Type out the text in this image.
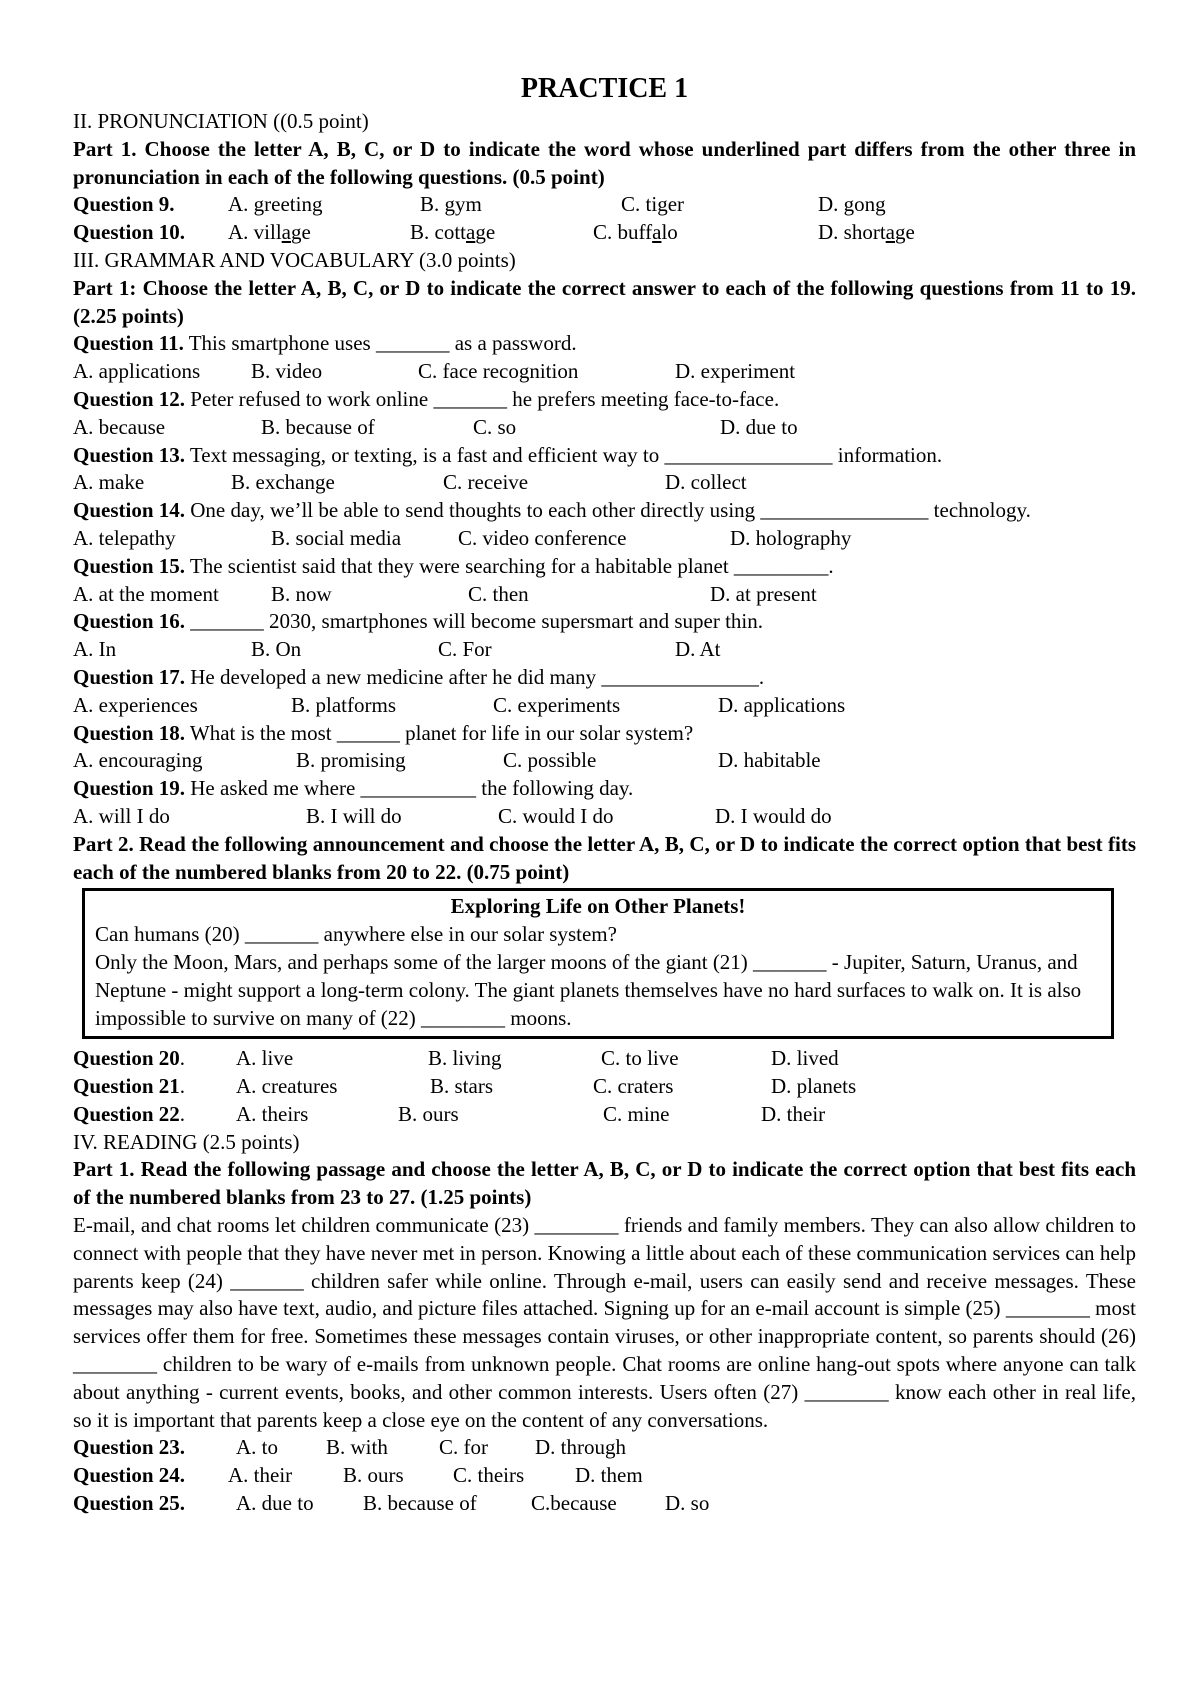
PRACTICE 1
II. PRONUNCIATION ((0.5 point)
Part 1. Choose the letter A, B, C, or D to indicate the word whose underlined part differs from the other three in pronunciation in each of the following questions. (0.5 point)
Question 9.	A. greeting	B. gym	C. tiger	D. gong
Question 10. A. village	B. cottage	C. buffalo	D. shortage
III. GRAMMAR AND VOCABULARY (3.0 points)
Part 1: Choose the letter A, B, C, or D to indicate the correct answer to each of the following questions from 11 to 19. (2.25 points)
Question 11. This smartphone uses _______ as a password.
A. applications B. video	C. face recognition	D. experiment
Question 12. Peter refused to work online _______ he prefers meeting face-to-face.
A. because	B. because of	C. so	D. due to
Question 13. Text messaging, or texting, is a fast and efficient way to ________________ information.
A. make	B. exchange	C. receive	D. collect
Question 14. One day, we’ll be able to send thoughts to each other directly using ________________ technology.
A. telepathy	B. social media	C. video conference	D. holography
Question 15. The scientist said that they were searching for a habitable planet _________.
A. at the moment B. now	C. then	D. at present
Question 16. _______ 2030, smartphones will become supersmart and super thin.
A. In	B. On	C. For	D. At
Question 17. He developed a new medicine after he did many _______________.
A. experiences	B. platforms	C. experiments	D. applications
Question 18. What is the most ______ planet for life in our solar system?
A. encouraging	B. promising	C. possible	D. habitable
Question 19. He asked me where ___________ the following day.
A. will I do	B. I will do	C. would I do	D. I would do
Part 2. Read the following announcement and choose the letter A, B, C, or D to indicate the correct option that best fits each of the numbered blanks from 20 to 22. (0.75 point)
Exploring Life on Other Planets!
Can humans (20) _______ anywhere else in our solar system?
Only the Moon, Mars, and perhaps some of the larger moons of the giant (21) _______ - Jupiter, Saturn, Uranus, and Neptune - might support a long-term colony. The giant planets themselves have no hard surfaces to walk on. It is also impossible to survive on many of (22) ________ moons.
Question 20. A. live	B. living	C. to live	D. lived
Question 21. A. creatures	B. stars	C. craters	D. planets
Question 22. A. theirs	B. ours	C. mine	D. their
IV. READING (2.5 points)
Part 1. Read the following passage and choose the letter A, B, C, or D to indicate the correct option that best fits each of the numbered blanks from 23 to 27. (1.25 points)
E-mail, and chat rooms let children communicate (23) ________ friends and family members. They can also allow children to connect with people that they have never met in person. Knowing a little about each of these communication services can help parents keep (24) _______ children safer while online. Through e-mail, users can easily send and receive messages. These messages may also have text, audio, and picture files attached. Signing up for an e-mail account is simple (25) ________ most services offer them for free. Sometimes these messages contain viruses, or other inappropriate content, so parents should (26) ________ children to be wary of e-mails from unknown people. Chat rooms are online hang-out spots where anyone can talk about anything - current events, books, and other common interests. Users often (27) ________ know each other in real life, so it is important that parents keep a close eye on the content of any conversations.
Question 23. A. to B. with C. for D. through
Question 24. A. their B. ours C. theirs D. them
Question 25. A. due to B. because of	C.because D. so
